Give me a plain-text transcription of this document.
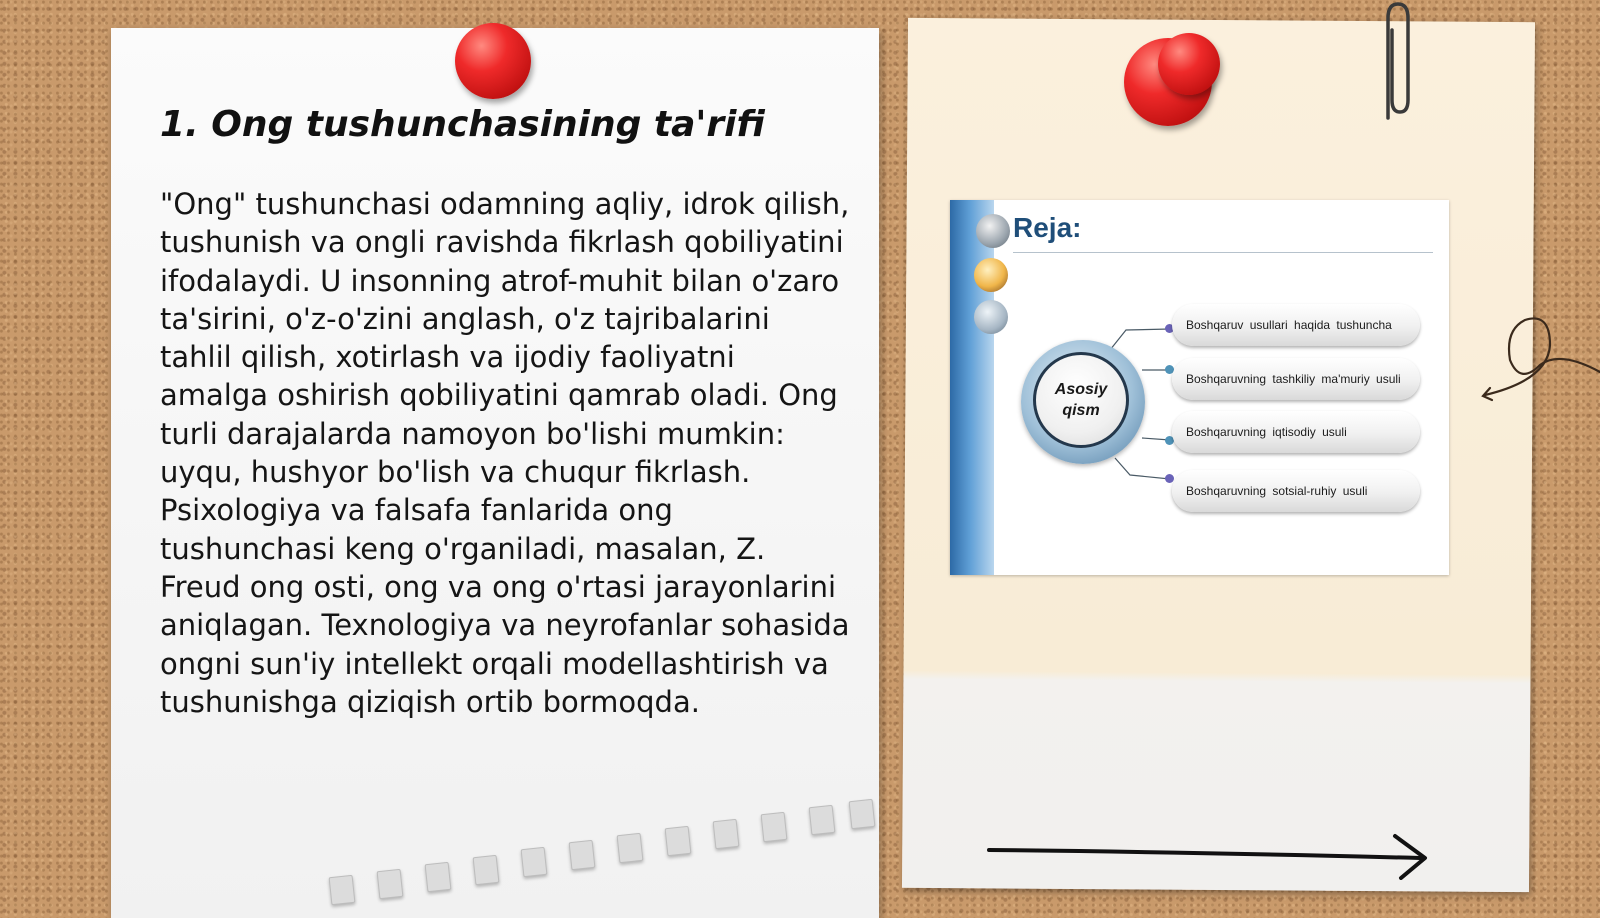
1. Ong tushunchasining ta'rifi

"Ong" tushunchasi odamning aqliy, idrok qilish, tushunish va ongli ravishda fikrlash qobiliyatini ifodalaydi. U insonning atrof-muhit bilan o'zaro ta'sirini, o'z-o'zini anglash, o'z tajribalarini tahlil qilish, xotirlash va ijodiy faoliyatni amalga oshirish qobiliyatini qamrab oladi. Ong turli darajalarda namoyon bo'lishi mumkin: uyqu, hushyor bo'lish va chuqur fikrlash. Psixologiya va falsafa fanlarida ong tushunchasi keng o'rganiladi, masalan, Z. Freud ong osti, ong va ong o'rtasi jarayonlarini aniqlagan. Texnologiya va neyrofanlar sohasida ongni sun'iy intellekt orqali modellashtirish va tushunishga qiziqish ortib bormoqda.

Reja:
Asosiy
qism
Boshqaruv usullari haqida tushuncha
Boshqaruvning tashkiliy ma'muriy usuli
Boshqaruvning iqtisodiy usuli
Boshqaruvning sotsial-ruhiy usuli
